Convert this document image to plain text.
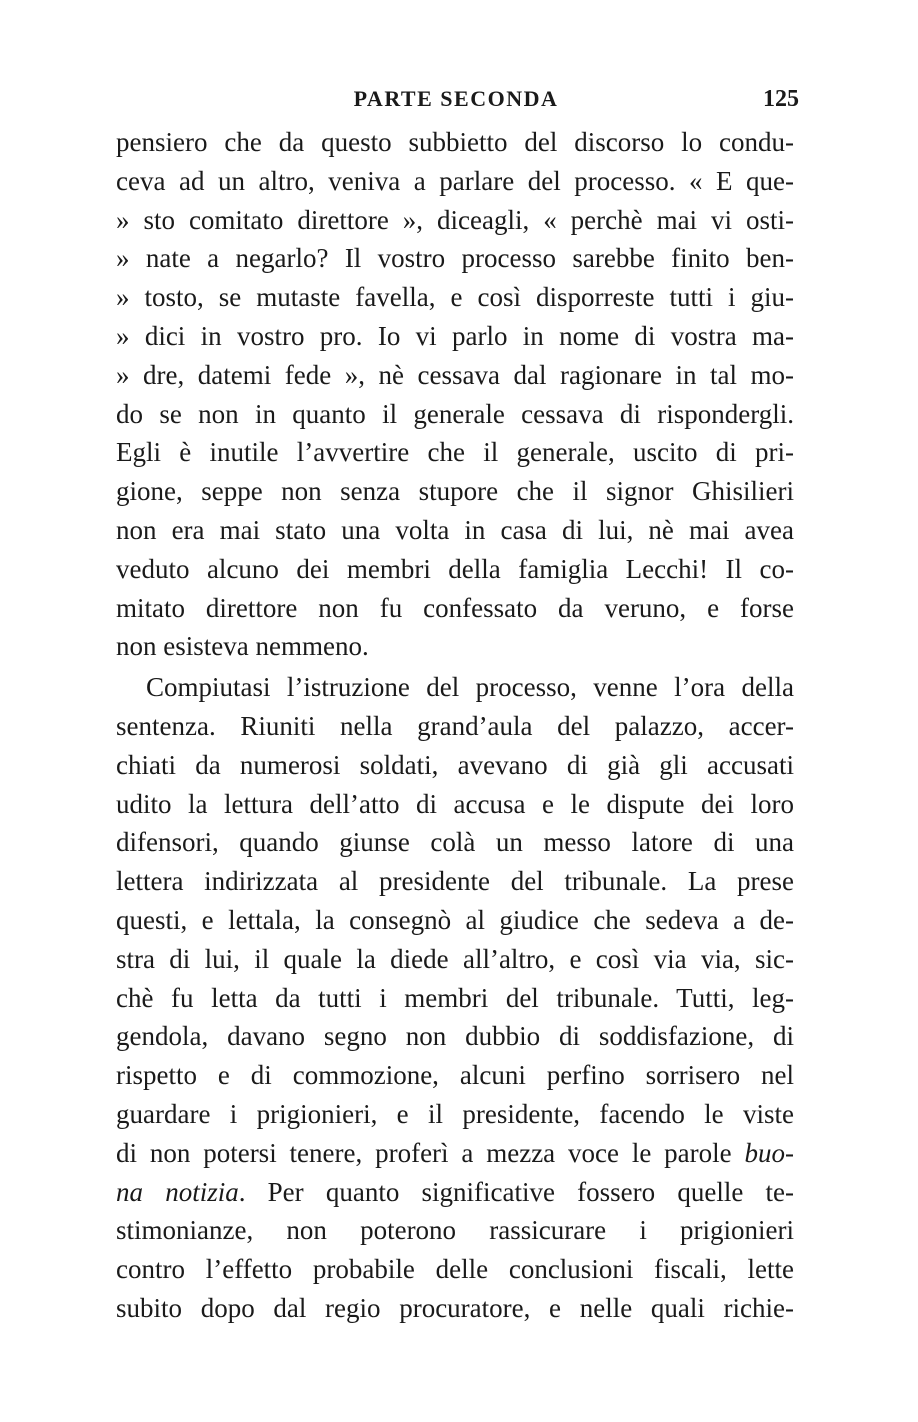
PARTE SECONDA	125
pensiero che da questo subbietto del discorso lo condu-
ceva ad un altro, veniva a parlare del processo. « E que-
» sto comitato direttore », diceagli, « perchè mai vi osti-
» nate a negarlo? Il vostro processo sarebbe finito ben-
» tosto, se mutaste favella, e così disporreste tutti i giu-
» dici in vostro pro. Io vi parlo in nome di vostra ma-
» dre, datemi fede », nè cessava dal ragionare in tal mo-
do se non in quanto il generale cessava di rispondergli.
Egli è inutile l’avvertire che il generale, uscito di pri-
gione, seppe non senza stupore che il signor Ghisilieri
non era mai stato una volta in casa di lui, nè mai avea
veduto alcuno dei membri della famiglia Lecchi! Il co-
mitato direttore non fu confessato da veruno, e forse
non esisteva nemmeno.
Compiutasi l’istruzione del processo, venne l’ora della
sentenza. Riuniti nella grand’aula del palazzo, accer-
chiati da numerosi soldati, avevano di già gli accusati
udito la lettura dell’atto di accusa e le dispute dei loro
difensori, quando giunse colà un messo latore di una
lettera indirizzata al presidente del tribunale. La prese
questi, e lettala, la consegnò al giudice che sedeva a de-
stra di lui, il quale la diede all’altro, e così via via, sic-
chè fu letta da tutti i membri del tribunale. Tutti, leg-
gendola, davano segno non dubbio di soddisfazione, di
rispetto e di commozione, alcuni perfino sorrisero nel
guardare i prigionieri, e il presidente, facendo le viste
di non potersi tenere, proferì a mezza voce le parole buo-
na notizia. Per quanto significative fossero quelle te-
stimonianze, non poterono rassicurare i prigionieri
contro l’effetto probabile delle conclusioni fiscali, lette
subito dopo dal regio procuratore, e nelle quali richie-
